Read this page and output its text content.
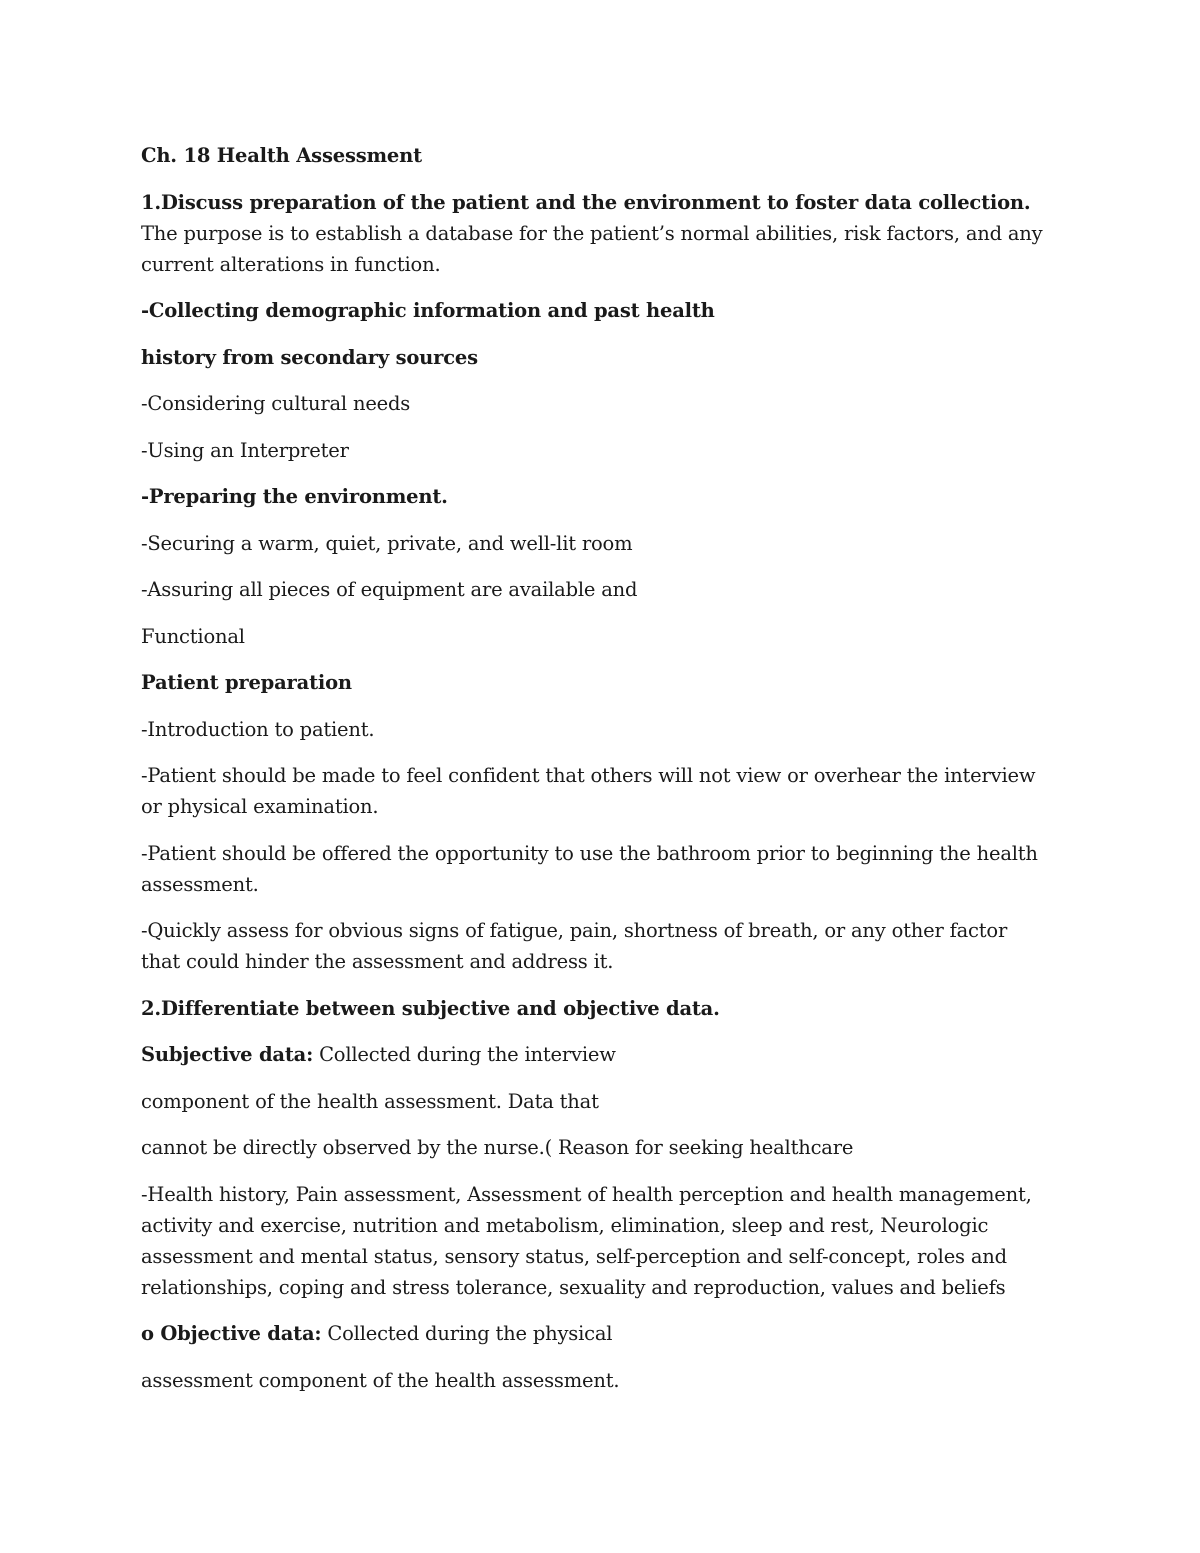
Ch. 18 Health Assessment

1.Discuss preparation of the patient and the environment to foster data collection. The purpose is to establish a database for the patient’s normal abilities, risk factors, and any current alterations in function.

-Collecting demographic information and past health

history from secondary sources

-Considering cultural needs

-Using an Interpreter

-Preparing the environment.

-Securing a warm, quiet, private, and well-lit room

-Assuring all pieces of equipment are available and

Functional

Patient preparation

-Introduction to patient.

-Patient should be made to feel confident that others will not view or overhear the interview or physical examination.

-Patient should be offered the opportunity to use the bathroom prior to beginning the health assessment.

-Quickly assess for obvious signs of fatigue, pain, shortness of breath, or any other factor that could hinder the assessment and address it.

2.Differentiate between subjective and objective data.

Subjective data: Collected during the interview

component of the health assessment. Data that

cannot be directly observed by the nurse.( Reason for seeking healthcare

-Health history, Pain assessment, Assessment of health perception and health management, activity and exercise, nutrition and metabolism, elimination, sleep and rest, Neurologic assessment and mental status, sensory status, self-perception and self-concept, roles and relationships, coping and stress tolerance, sexuality and reproduction, values and beliefs

o Objective data: Collected during the physical

assessment component of the health assessment.
